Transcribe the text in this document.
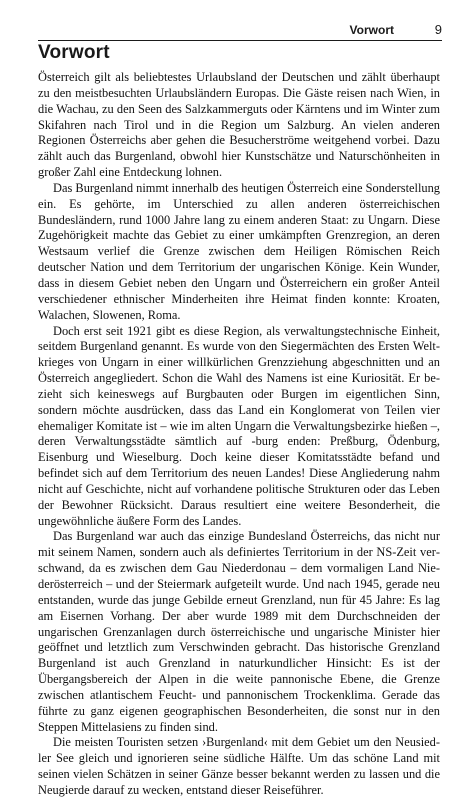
Vorwort	9
Vorwort

Österreich gilt als beliebtestes Urlaubsland der Deutschen und zählt überhaupt zu den meistbesuchten Urlaubsländern Europas. Die Gäste reisen nach Wien, in die Wachau, zu den Seen des Salzkammerguts oder Kärntens und im Winter zum Skifahren nach Tirol und in die Region um Salzburg. An vielen anderen Regionen Österreichs aber gehen die Besucherströme weitgehend vorbei. Dazu zählt auch das Burgenland, obwohl hier Kunstschätze und Naturschönheiten in großer Zahl eine Entdeckung lohnen.

Das Burgenland nimmt innerhalb des heutigen Österreich eine Sonderstellung ein. Es gehörte, im Unterschied zu allen anderen österreichischen Bundesländern, rund 1000 Jahre lang zu einem anderen Staat: zu Ungarn. Diese Zugehörigkeit machte das Gebiet zu einer umkämpften Grenzregion, an deren Westsaum verlief die Grenze zwischen dem Heiligen Römischen Reich deutscher Nation und dem Territorium der ungarischen Könige. Kein Wunder, dass in diesem Gebiet neben den Ungarn und Österreichern ein großer Anteil verschiedener ethnischer Minderheiten ihre Heimat finden konnte: Kroaten, Walachen, Slowenen, Roma.

Doch erst seit 1921 gibt es diese Region, als verwaltungstechnische Einheit, seitdem Burgenland genannt. Es wurde von den Siegermächten des Ersten Weltkrieges von Ungarn in einer willkürlichen Grenzziehung abgeschnitten und an Österreich angegliedert. Schon die Wahl des Namens ist eine Kuriosität. Er bezieht sich keineswegs auf Burgbauten oder Burgen im eigentlichen Sinn, sondern möchte ausdrücken, dass das Land ein Konglomerat von Teilen vier ehemaliger Komitate ist – wie im alten Ungarn die Verwaltungsbezirke hießen –, deren Verwaltungsstädte sämtlich auf -burg enden: Preßburg, Ödenburg, Eisenburg und Wieselburg. Doch keine dieser Komitatsstädte befand und befindet sich auf dem Territorium des neuen Landes! Diese Angliederung nahm nicht auf Geschichte, nicht auf vorhandene politische Strukturen oder das Leben der Bewohner Rücksicht. Daraus resultiert eine weitere Besonderheit, die ungewöhnliche äußere Form des Landes.

Das Burgenland war auch das einzige Bundesland Österreichs, das nicht nur mit seinem Namen, sondern auch als definiertes Territorium in der NS-Zeit verschwand, da es zwischen dem Gau Niederdonau – dem vormaligen Land Niederösterreich – und der Steiermark aufgeteilt wurde. Und nach 1945, gerade neu entstanden, wurde das junge Gebilde erneut Grenzland, nun für 45 Jahre: Es lag am Eisernen Vorhang. Der aber wurde 1989 mit dem Durchschneiden der ungarischen Grenzanlagen durch österreichische und ungarische Minister hier geöffnet und letztlich zum Verschwinden gebracht. Das historische Grenzland Burgenland ist auch Grenzland in naturkundlicher Hinsicht: Es ist der Übergangsbereich der Alpen in die weite pannonische Ebene, die Grenze zwischen atlantischem Feucht- und pannonischem Trockenklima. Gerade das führte zu ganz eigenen geographischen Besonderheiten, die sonst nur in den Steppen Mittelasiens zu finden sind.

Die meisten Touristen setzen ›Burgenland‹ mit dem Gebiet um den Neusiedler See gleich und ignorieren seine südliche Hälfte. Um das schöne Land mit seinen vielen Schätzen in seiner Gänze besser bekannt werden zu lassen und die Neugierde darauf zu wecken, entstand dieser Reiseführer.
